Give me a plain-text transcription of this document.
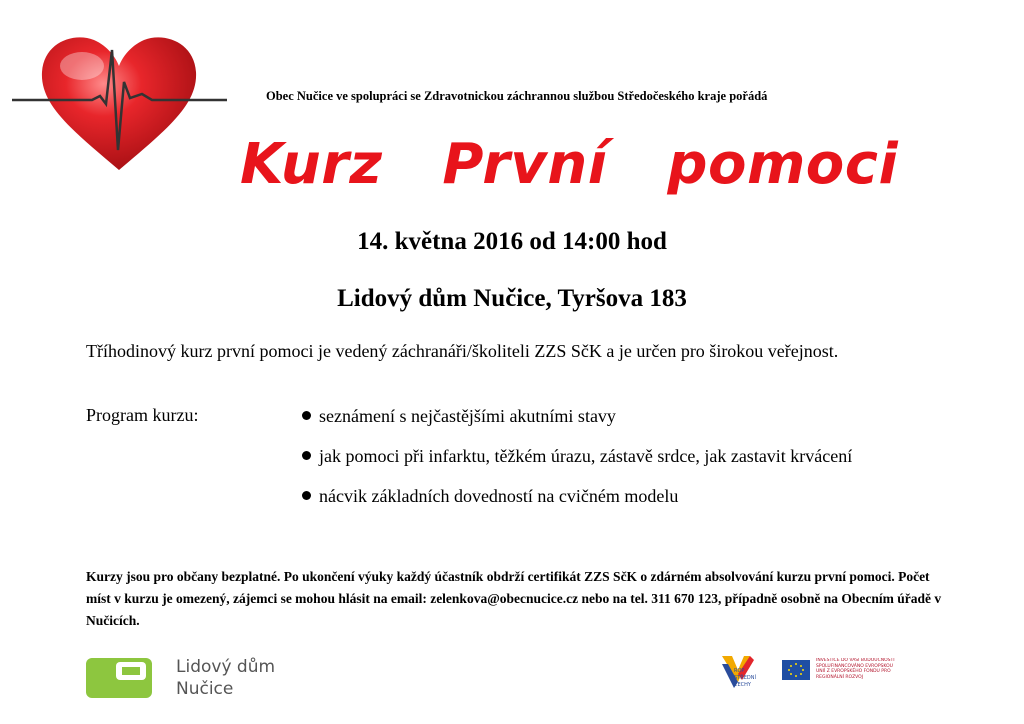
Obec Nučice ve spolupráci se Zdravotnickou záchrannou službou Středočeského kraje pořádá
Kurz   První   pomoci
14. května 2016 od 14:00 hod
Lidový dům Nučice, Tyršova 183
Tříhodinový kurz první pomoci je vedený záchranáři/školiteli ZZS SčK a je určen pro širokou veřejnost.
Program kurzu:	seznámení s nejčastějšími akutními stavy
jak pomoci při infarktu, těžkém úrazu, zástavě srdce, jak zastavit krvácení
nácvik základních dovedností na cvičném modelu
Kurzy jsou pro občany bezplatné. Po ukončení výuky každý účastník obdrží certifikát ZZS SčK o zdárném absolvování kurzu první pomoci. Počet míst v kurzu je omezený, zájemci se mohou hlásit na email: zelenkova@obecnucice.cz nebo na tel. 311 670 123, případně osobně na Obecním úřadě v Nučicích.
Lidový dům
Nučice
ROP
STŘEDNÍ
ČECHY
INVESTICE DO VAŠÍ BUDOUCNOSTI SPOLUFINANCOVÁNO EVROPSKOU UNIÍ Z EVROPSKÉHO FONDU PRO REGIONÁLNÍ ROZVOJ
